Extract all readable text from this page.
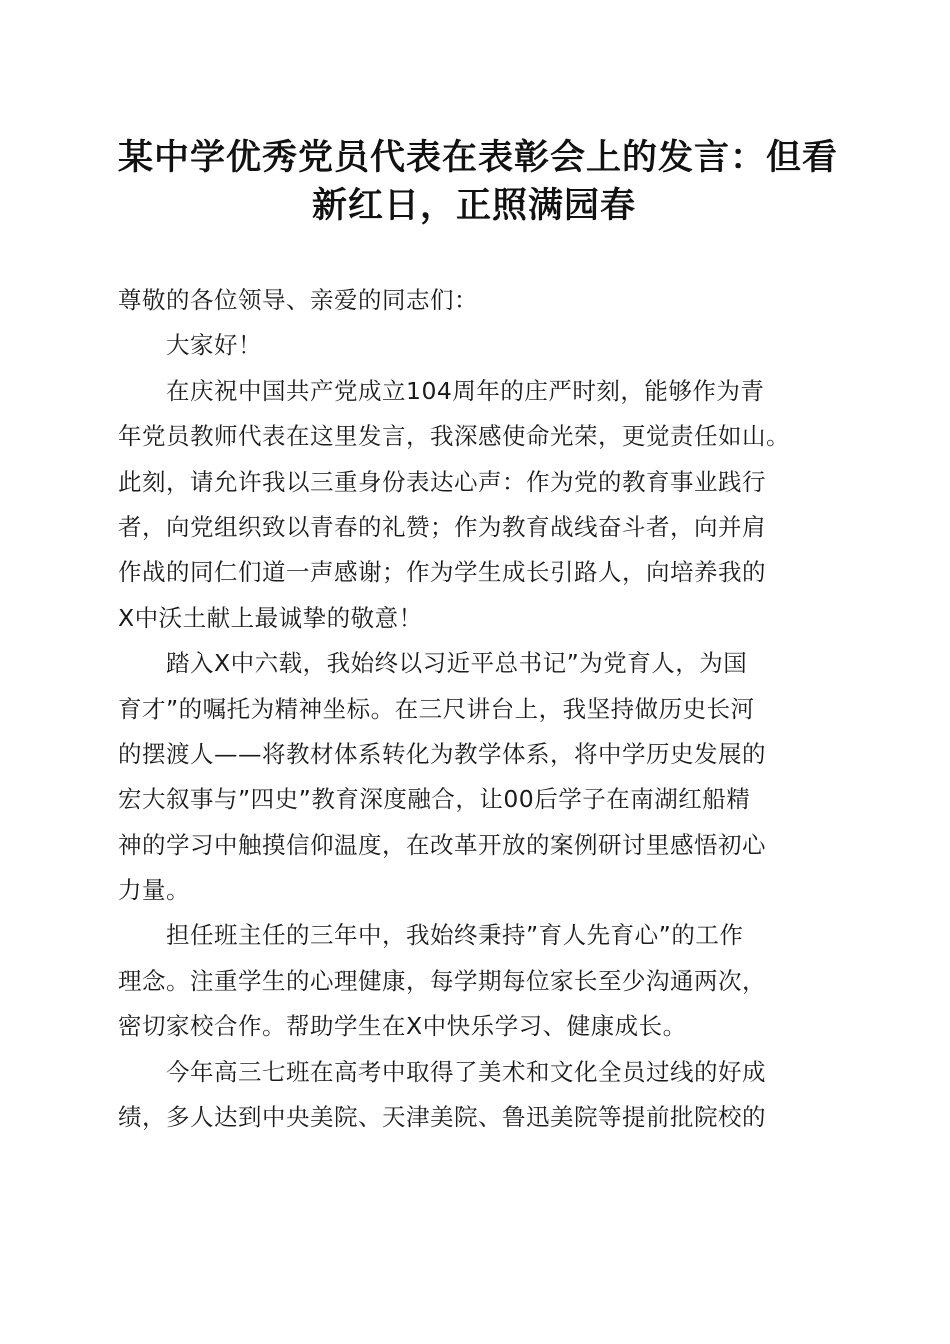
某中学优秀党员代表在表彰会上的发言：但看
新红日，正照满园春
尊敬的各位领导、亲爱的同志们：
大家好！
在庆祝中国共产党成立104周年的庄严时刻，能够作为青
年党员教师代表在这里发言，我深感使命光荣，更觉责任如山。
此刻，请允许我以三重身份表达心声：作为党的教育事业践行
者，向党组织致以青春的礼赞；作为教育战线奋斗者，向并肩
作战的同仁们道一声感谢；作为学生成长引路人，向培养我的
X中沃土献上最诚挚的敬意！
踏入X中六载，我始终以习近平总书记”为党育人，为国
育才”的嘱托为精神坐标。在三尺讲台上，我坚持做历史长河
的摆渡人——将教材体系转化为教学体系，将中学历史发展的
宏大叙事与”四史”教育深度融合，让00后学子在南湖红船精
神的学习中触摸信仰温度，在改革开放的案例研讨里感悟初心
力量。
担任班主任的三年中，我始终秉持”育人先育心”的工作
理念。注重学生的心理健康，每学期每位家长至少沟通两次，
密切家校合作。帮助学生在X中快乐学习、健康成长。
今年高三七班在高考中取得了美术和文化全员过线的好成
绩，多人达到中央美院、天津美院、鲁迅美院等提前批院校的
